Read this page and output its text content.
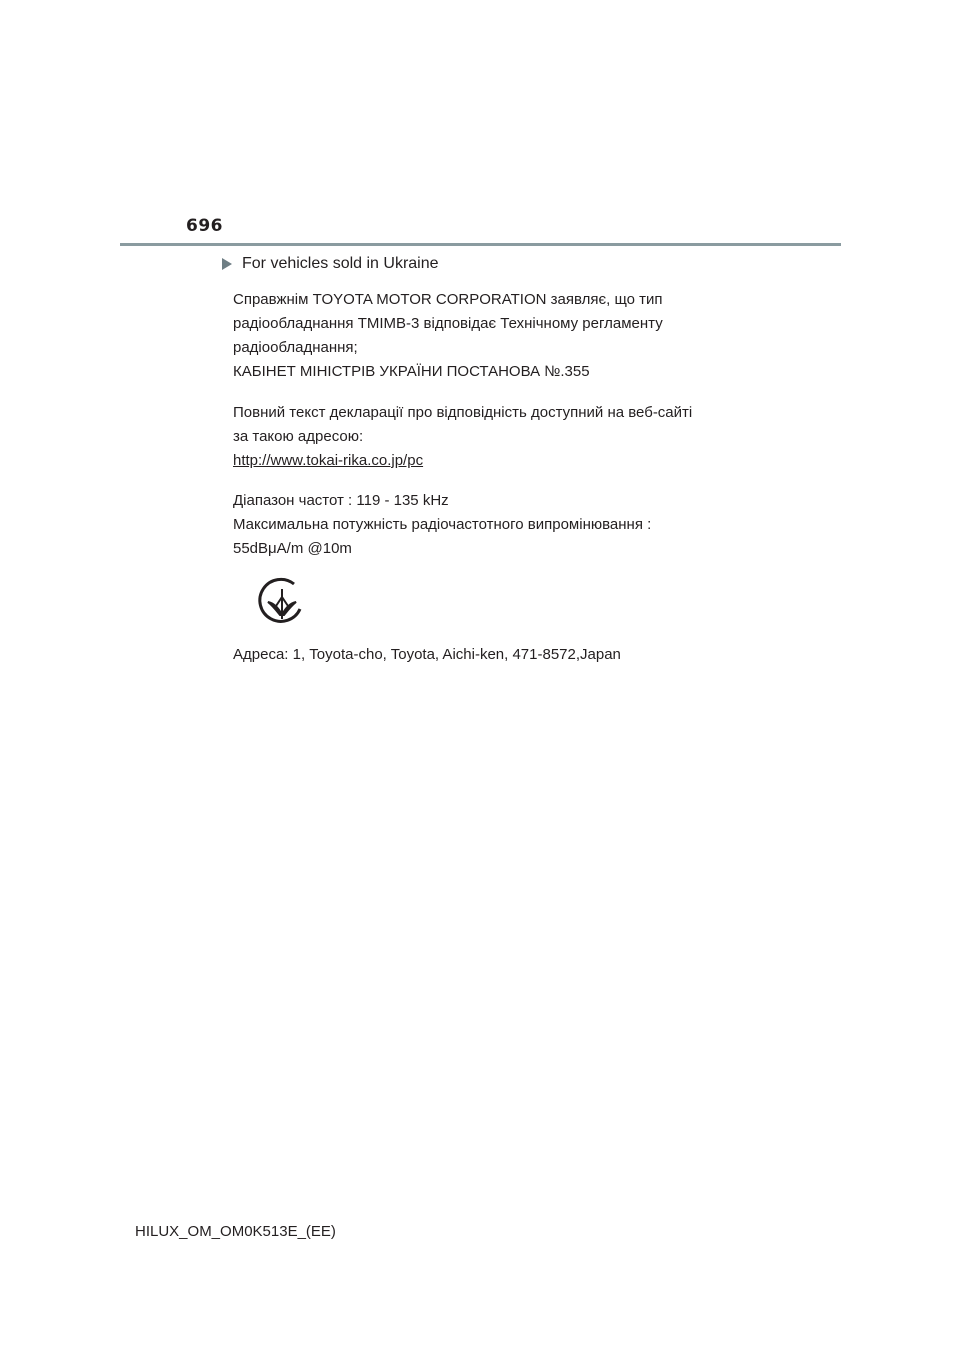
696
For vehicles sold in Ukraine
Справжнім TOYOTA MOTOR CORPORATION заявляє, що тип
радіообладнання TMIMB-3 відповідає Технічному регламенту
радіообладнання;
КАБІНЕТ МІНІСТРІВ УКРАЇНИ ПОСТАНОВА №.355
Повний текст декларації про відповідність доступний на веб-сайті
за такою адресою:
http://www.tokai-rika.co.jp/pc
Діапазон частот : 119 - 135 kHz
Максимальна потужність радіочастотного випромінювання :
55dBμA/m @10m
Адреса: 1, Toyota-cho, Toyota, Aichi-ken, 471-8572,Japan
HILUX_OM_OM0K513E_(EE)
